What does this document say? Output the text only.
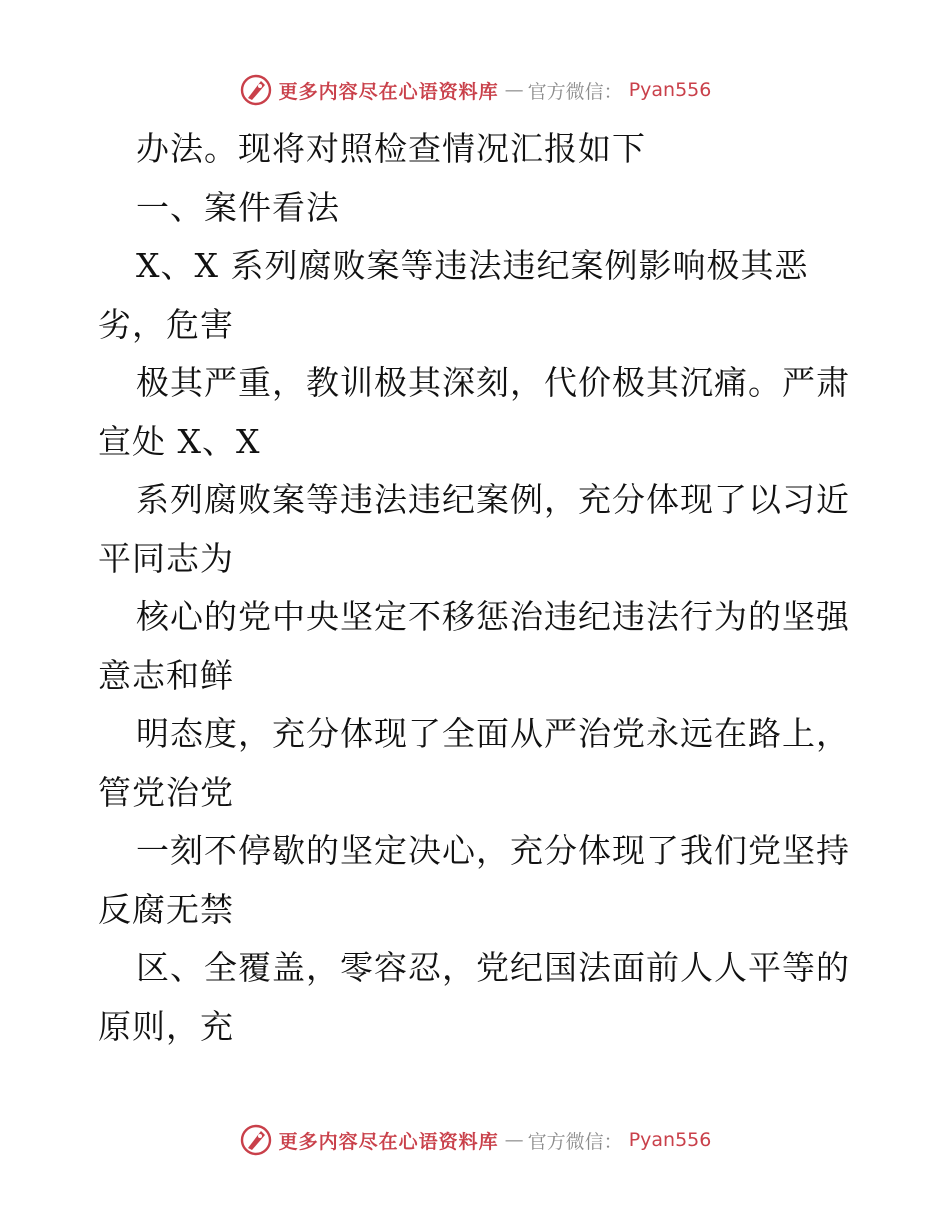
更多内容尽在心语资料库 — 官方微信： Pyan556
办法。现将对照检查情况汇报如下
一、案件看法
X、X 系列腐败案等违法违纪案例影响极其恶
劣，危害
极其严重，教训极其深刻，代价极其沉痛。严肃
宣处 X、X
系列腐败案等违法违纪案例，充分体现了以习近
平同志为
核心的党中央坚定不移惩治违纪违法行为的坚强
意志和鲜
明态度，充分体现了全面从严治党永远在路上，
管党治党
一刻不停歇的坚定决心，充分体现了我们党坚持
反腐无禁
区、全覆盖，零容忍，党纪国法面前人人平等的
原则，充
更多内容尽在心语资料库 — 官方微信： Pyan556
